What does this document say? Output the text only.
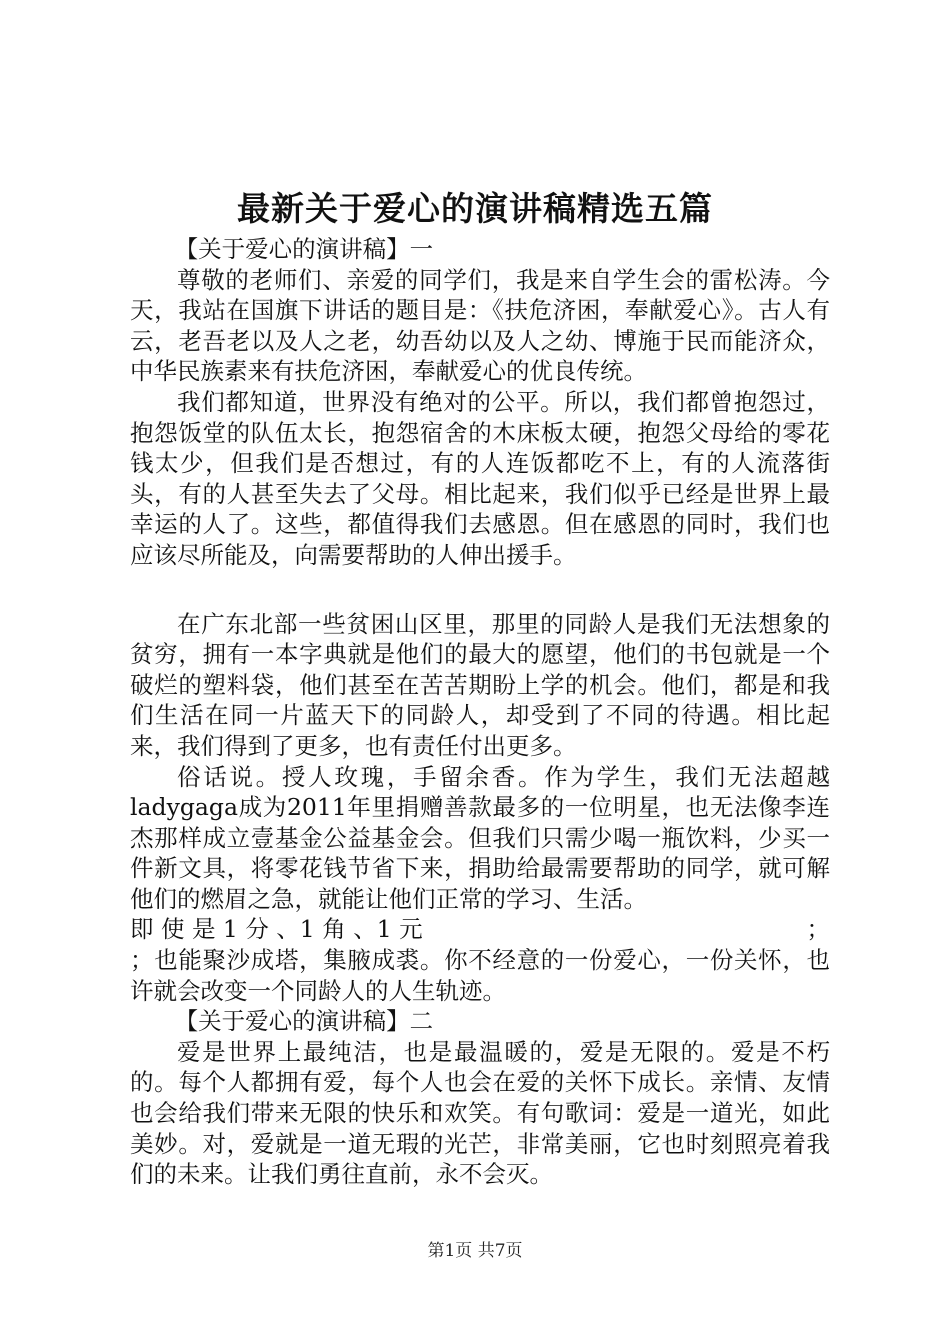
最新关于爱心的演讲稿精选五篇

【关于爱心的演讲稿】一

尊敬的老师们、亲爱的同学们，我是来自学生会的雷松涛。今天，我站在国旗下讲话的题目是：《扶危济困，奉献爱心》。古人有云，老吾老以及人之老，幼吾幼以及人之幼、博施于民而能济众，中华民族素来有扶危济困，奉献爱心的优良传统。

我们都知道，世界没有绝对的公平。所以，我们都曾抱怨过，抱怨饭堂的队伍太长，抱怨宿舍的木床板太硬，抱怨父母给的零花钱太少，但我们是否想过，有的人连饭都吃不上，有的人流落街头，有的人甚至失去了父母。相比起来，我们似乎已经是世界上最幸运的人了。这些，都值得我们去感恩。但在感恩的同时，我们也应该尽所能及，向需要帮助的人伸出援手。

在广东北部一些贫困山区里，那里的同龄人是我们无法想象的贫穷，拥有一本字典就是他们的最大的愿望，他们的书包就是一个破烂的塑料袋，他们甚至在苦苦期盼上学的机会。他们，都是和我们生活在同一片蓝天下的同龄人，却受到了不同的待遇。相比起来，我们得到了更多，也有责任付出更多。

俗话说。授人玫瑰，手留余香。作为学生，我们无法超越ladygaga成为2011年里捐赠善款最多的一位明星，也无法像李连杰那样成立壹基金公益基金会。但我们只需少喝一瓶饮料，少买一件新文具，将零花钱节省下来，捐助给最需要帮助的同学，就可解他们的燃眉之急，就能让他们正常的学习、生活。

即 使 是 1 分 、1 角 、1 元	；
；也能聚沙成塔，集腋成裘。你不经意的一份爱心，一份关怀，也许就会改变一个同龄人的人生轨迹。

【关于爱心的演讲稿】二

爱是世界上最纯洁，也是最温暖的，爱是无限的。爱是不朽的。每个人都拥有爱，每个人也会在爱的关怀下成长。亲情、友情也会给我们带来无限的快乐和欢笑。有句歌词：爱是一道光，如此美妙。对，爱就是一道无瑕的光芒，非常美丽，它也时刻照亮着我们的未来。让我们勇往直前，永不会灭。

第1页 共7页
